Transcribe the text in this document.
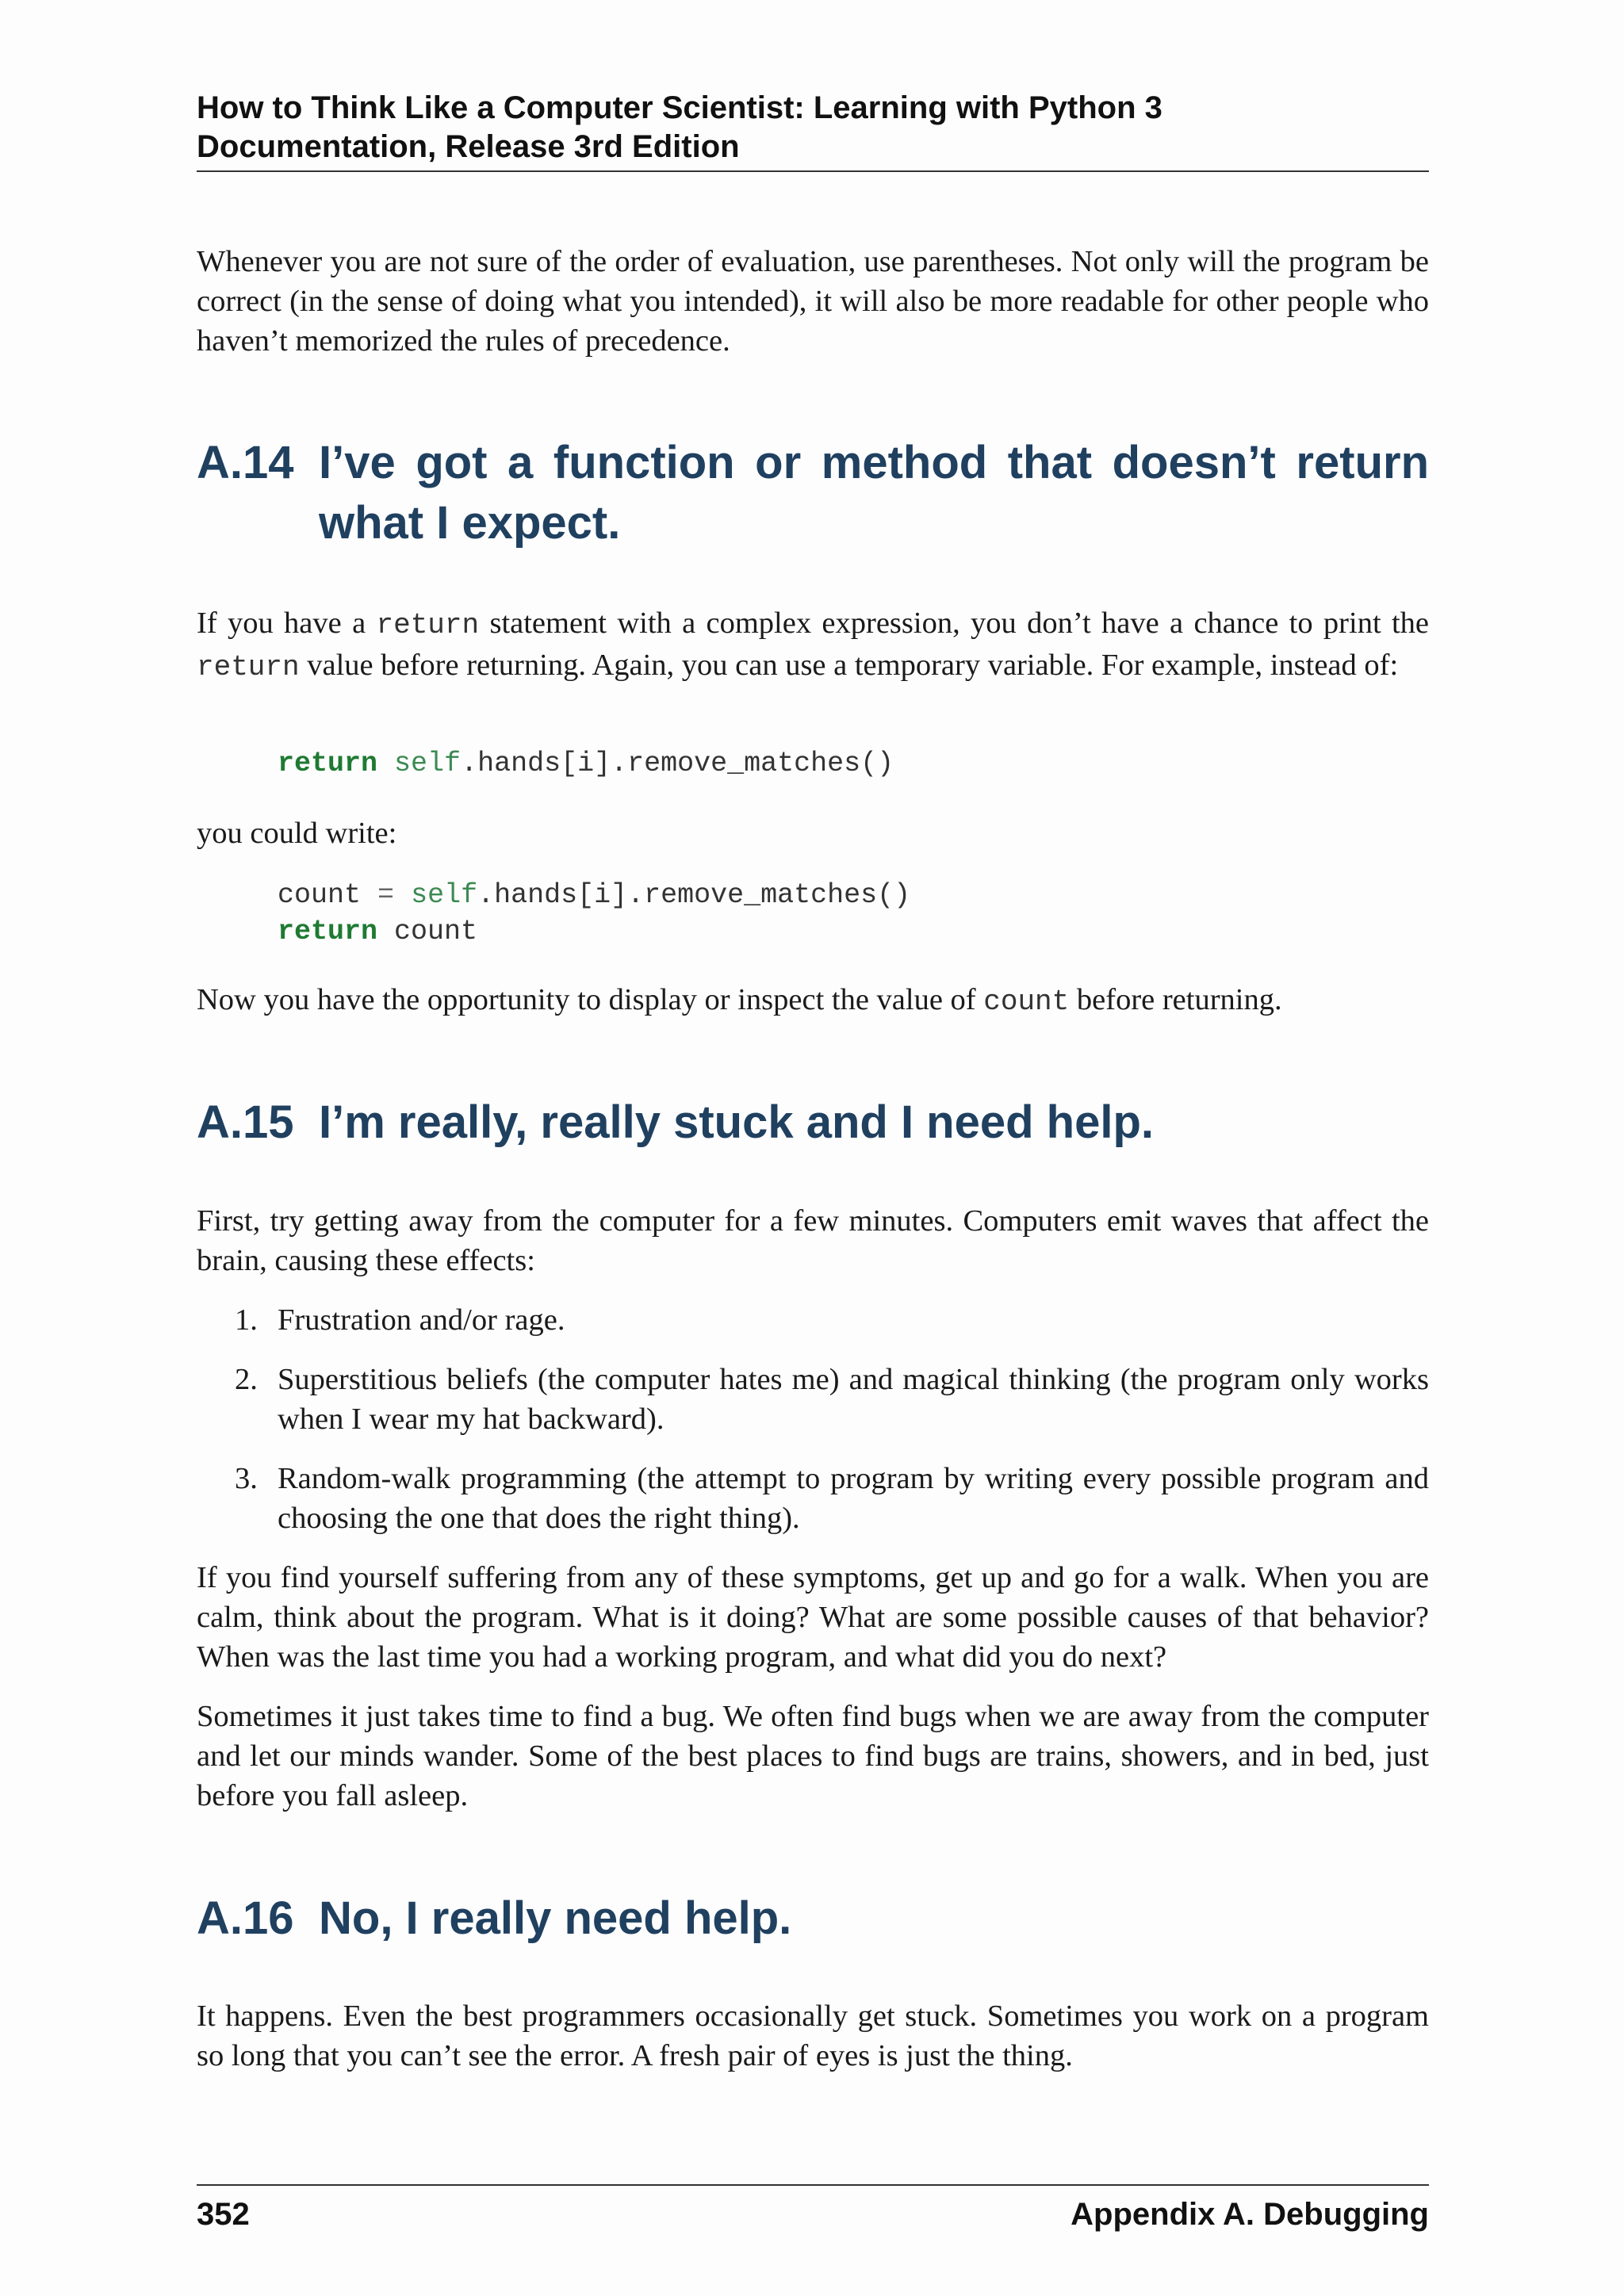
How to Think Like a Computer Scientist: Learning with Python 3
Documentation, Release 3rd Edition

Whenever you are not sure of the order of evaluation, use parentheses. Not only will the program be correct (in the sense of doing what you intended), it will also be more readable for other people who haven’t memorized the rules of precedence.

A.14 I’ve got a function or method that doesn’t return what I expect.

If you have a return statement with a complex expression, you don’t have a chance to print the return value before returning. Again, you can use a temporary variable. For example, instead of:

return self.hands[i].remove_matches()

you could write:

count = self.hands[i].remove_matches()
return count

Now you have the opportunity to display or inspect the value of count before returning.

A.15 I’m really, really stuck and I need help.

First, try getting away from the computer for a few minutes. Computers emit waves that affect the brain, causing these effects:

1. Frustration and/or rage.
2. Superstitious beliefs (the computer hates me) and magical thinking (the program only works when I wear my hat backward).
3. Random-walk programming (the attempt to program by writing every possible program and choosing the one that does the right thing).

If you find yourself suffering from any of these symptoms, get up and go for a walk. When you are calm, think about the program. What is it doing? What are some possible causes of that behavior? When was the last time you had a working program, and what did you do next?

Sometimes it just takes time to find a bug. We often find bugs when we are away from the computer and let our minds wander. Some of the best places to find bugs are trains, showers, and in bed, just before you fall asleep.

A.16 No, I really need help.

It happens. Even the best programmers occasionally get stuck. Sometimes you work on a program so long that you can’t see the error. A fresh pair of eyes is just the thing.

352	Appendix A. Debugging
